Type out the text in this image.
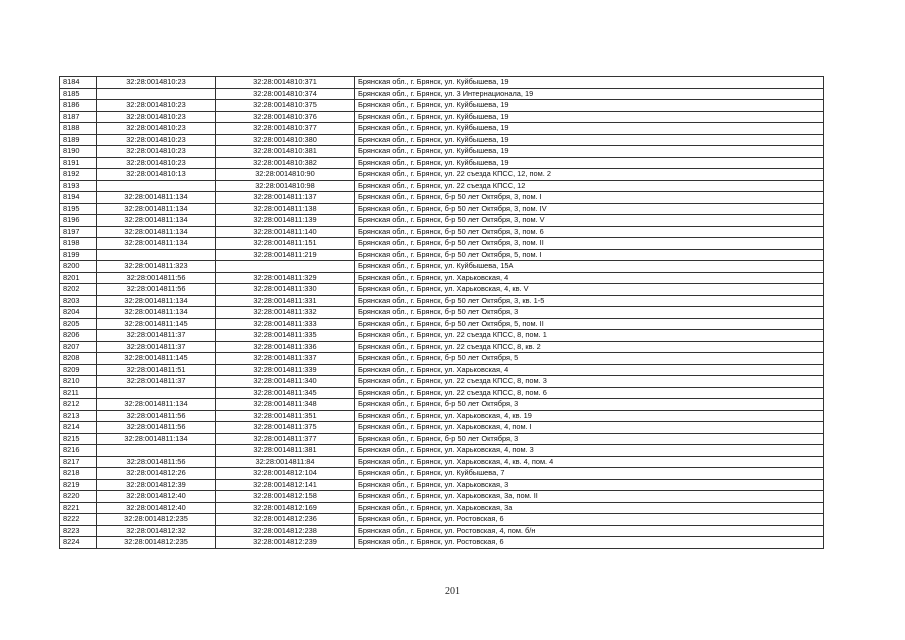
8184	32:28:0014810:23	32:28:0014810:371	Брянская обл., г. Брянск, ул. Куйбышева, 19
8185		32:28:0014810:374	Брянская обл., г. Брянск, ул. 3 Интернационала, 19
8186	32:28:0014810:23	32:28:0014810:375	Брянская обл., г. Брянск, ул. Куйбышева, 19
8187	32:28:0014810:23	32:28:0014810:376	Брянская обл., г. Брянск, ул. Куйбышева, 19
8188	32:28:0014810:23	32:28:0014810:377	Брянская обл., г. Брянск, ул. Куйбышева, 19
8189	32:28:0014810:23	32:28:0014810:380	Брянская обл., г. Брянск, ул. Куйбышева, 19
8190	32:28:0014810:23	32:28:0014810:381	Брянская обл., г. Брянск, ул. Куйбышева, 19
8191	32:28:0014810:23	32:28:0014810:382	Брянская обл., г. Брянск, ул. Куйбышева, 19
8192	32:28:0014810:13	32:28:0014810:90	Брянская обл., г. Брянск, ул. 22 съезда КПСС, 12, пом. 2
8193		32:28:0014810:98	Брянская обл., г. Брянск, ул. 22 съезда КПСС, 12
8194	32:28:0014811:134	32:28:0014811:137	Брянская обл., г. Брянск, б-р 50 лет Октября, 3, пом. I
8195	32:28:0014811:134	32:28:0014811:138	Брянская обл., г. Брянск, б-р 50 лет Октября, 3, пом. IV
8196	32:28:0014811:134	32:28:0014811:139	Брянская обл., г. Брянск, б-р 50 лет Октября, 3, пом. V
8197	32:28:0014811:134	32:28:0014811:140	Брянская обл., г. Брянск, б-р 50 лет Октября, 3, пом. 6
8198	32:28:0014811:134	32:28:0014811:151	Брянская обл., г. Брянск, б-р 50 лет Октября, 3, пом. II
8199		32:28:0014811:219	Брянская обл., г. Брянск, б-р 50 лет Октября, 5, пом. I
8200	32:28:0014811:323		Брянская обл., г. Брянск, ул. Куйбышева, 15А
8201	32:28:0014811:56	32:28:0014811:329	Брянская обл., г. Брянск, ул. Харьковская, 4
8202	32:28:0014811:56	32:28:0014811:330	Брянская обл., г. Брянск, ул. Харьковская, 4, кв. V
8203	32:28:0014811:134	32:28:0014811:331	Брянская обл., г. Брянск, б-р 50 лет Октября, 3, кв. 1-5
8204	32:28:0014811:134	32:28:0014811:332	Брянская обл., г. Брянск, б-р 50 лет Октября, 3
8205	32:28:0014811:145	32:28:0014811:333	Брянская обл., г. Брянск, б-р 50 лет Октября, 5, пом. II
8206	32:28:0014811:37	32:28:0014811:335	Брянская обл., г. Брянск, ул. 22 съезда КПСС, 8, пом. 1
8207	32:28:0014811:37	32:28:0014811:336	Брянская обл., г. Брянск, ул. 22 съезда КПСС, 8, кв. 2
8208	32:28:0014811:145	32:28:0014811:337	Брянская обл., г. Брянск, б-р 50 лет Октября, 5
8209	32:28:0014811:51	32:28:0014811:339	Брянская обл., г. Брянск, ул. Харьковская, 4
8210	32:28:0014811:37	32:28:0014811:340	Брянская обл., г. Брянск, ул. 22 съезда КПСС, 8, пом. 3
8211		32:28:0014811:345	Брянская обл., г. Брянск, ул. 22 съезда КПСС, 8, пом. 6
8212	32:28:0014811:134	32:28:0014811:348	Брянская обл., г. Брянск, б-р 50 лет Октября, 3
8213	32:28:0014811:56	32:28:0014811:351	Брянская обл., г. Брянск, ул. Харьковская, 4, кв. 19
8214	32:28:0014811:56	32:28:0014811:375	Брянская обл., г. Брянск, ул. Харьковская, 4, пом. I
8215	32:28:0014811:134	32:28:0014811:377	Брянская обл., г. Брянск, б-р 50 лет Октября, 3
8216		32:28:0014811:381	Брянская обл., г. Брянск, ул. Харьковская, 4, пом. 3
8217	32:28:0014811:56	32:28:0014811:84	Брянская обл., г. Брянск, ул. Харьковская, 4, кв. 4, пом. 4
8218	32:28:0014812:26	32:28:0014812:104	Брянская обл., г. Брянск, ул. Куйбышева, 7
8219	32:28:0014812:39	32:28:0014812:141	Брянская обл., г. Брянск, ул. Харьковская, 3
8220	32:28:0014812:40	32:28:0014812:158	Брянская обл., г. Брянск, ул. Харьковская, 3а, пом. II
8221	32:28:0014812:40	32:28:0014812:169	Брянская обл., г. Брянск, ул. Харьковская, 3а
8222	32:28:0014812:235	32:28:0014812:236	Брянская обл., г. Брянск, ул. Ростовская, 6
8223	32:28:0014812:32	32:28:0014812:238	Брянская обл., г. Брянск, ул. Ростовская, 4, пом. б/н
8224	32:28:0014812:235	32:28:0014812:239	Брянская обл., г. Брянск, ул. Ростовская, 6
201
